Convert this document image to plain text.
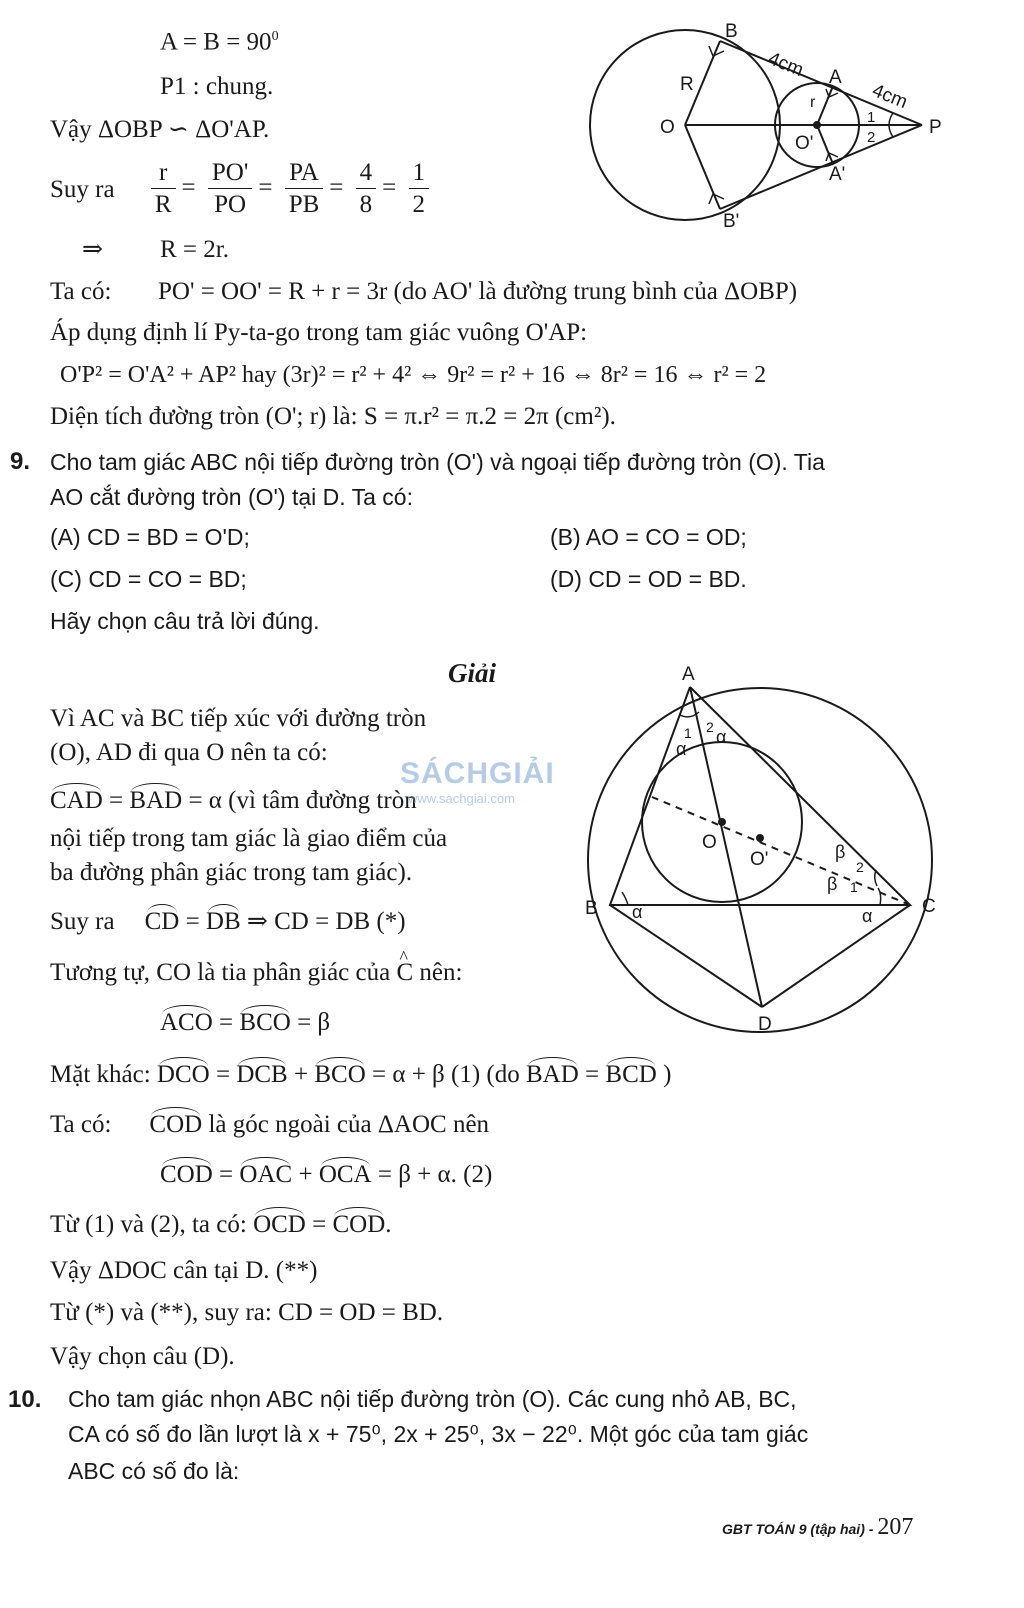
$A = B = 90^0$
P1 : chung.
Vậy ΔOBP ∽ ΔO'AP.
Suy ra $\frac{r}{R} = \frac{PO'}{PO} = \frac{PA}{PB} = \frac{4}{8} = \frac{1}{2}$
⇒ R = 2r.
Ta có: PO' = OO' = R + r = 3r (do AO' là đường trung bình của ΔOBP)
Áp dụng định lí Py-ta-go trong tam giác vuông O'AP:
O'P² = O'A² + AP² hay (3r)² = r² + 4² ⇔ 9r² = r² + 16 ⇔ 8r² = 16 ⇔ r² = 2
Diện tích đường tròn (O'; r) là: S = π.r² = π.2 = 2π (cm²).
B
4cm A
4cm
R
r
O
O'
1
2	P
A'
B'
9. Cho tam giác ABC nội tiếp đường tròn (O') và ngoại tiếp đường tròn (O). Tia
AO cắt đường tròn (O') tại D. Ta có:
(A) CD = BD = O'D;	(B) AO = CO = OD;
(C) CD = CO = BD;	(D) CD = OD = BD.
Hãy chọn câu trả lời đúng.
Giải
Vì AC và BC tiếp xúc với đường tròn
(O), AD đi qua O nên ta có:
CAD = BAD = α (vì tâm đường tròn
nội tiếp trong tam giác là giao điểm của
ba đường phân giác trong tam giác).
Suy ra CD = DB ⇒ CD = DB (*)
Tương tự, CO là tia phân giác của ^ C nên:
ACO = BCO = β
Mặt khác: DCO = DCB + BCO = α + β (1) (do BAD = BCD )
Ta có: COD là góc ngoài của ΔAOC nên
COD = OAC + OCA = β + α. (2)
Từ (1) và (2), ta có: OCD = COD.
Vậy ΔDOC cân tại D. (**)
Từ (*) và (**), suy ra: CD = OD = BD.
Vậy chọn câu (D).
A
1 2
α
α
O
O'	β
2
β 1
B α	α	C
D
SÁCHGIẢI
www.sachgiai.com
10. Cho tam giác nhọn ABC nội tiếp đường tròn (O). Các cung nhỏ AB, BC,
CA có số đo lần lượt là x + 75⁰, 2x + 25⁰, 3x − 22⁰. Một góc của tam giác
ABC có số đo là:
GBT TOÁN 9 (tập hai) - 207
